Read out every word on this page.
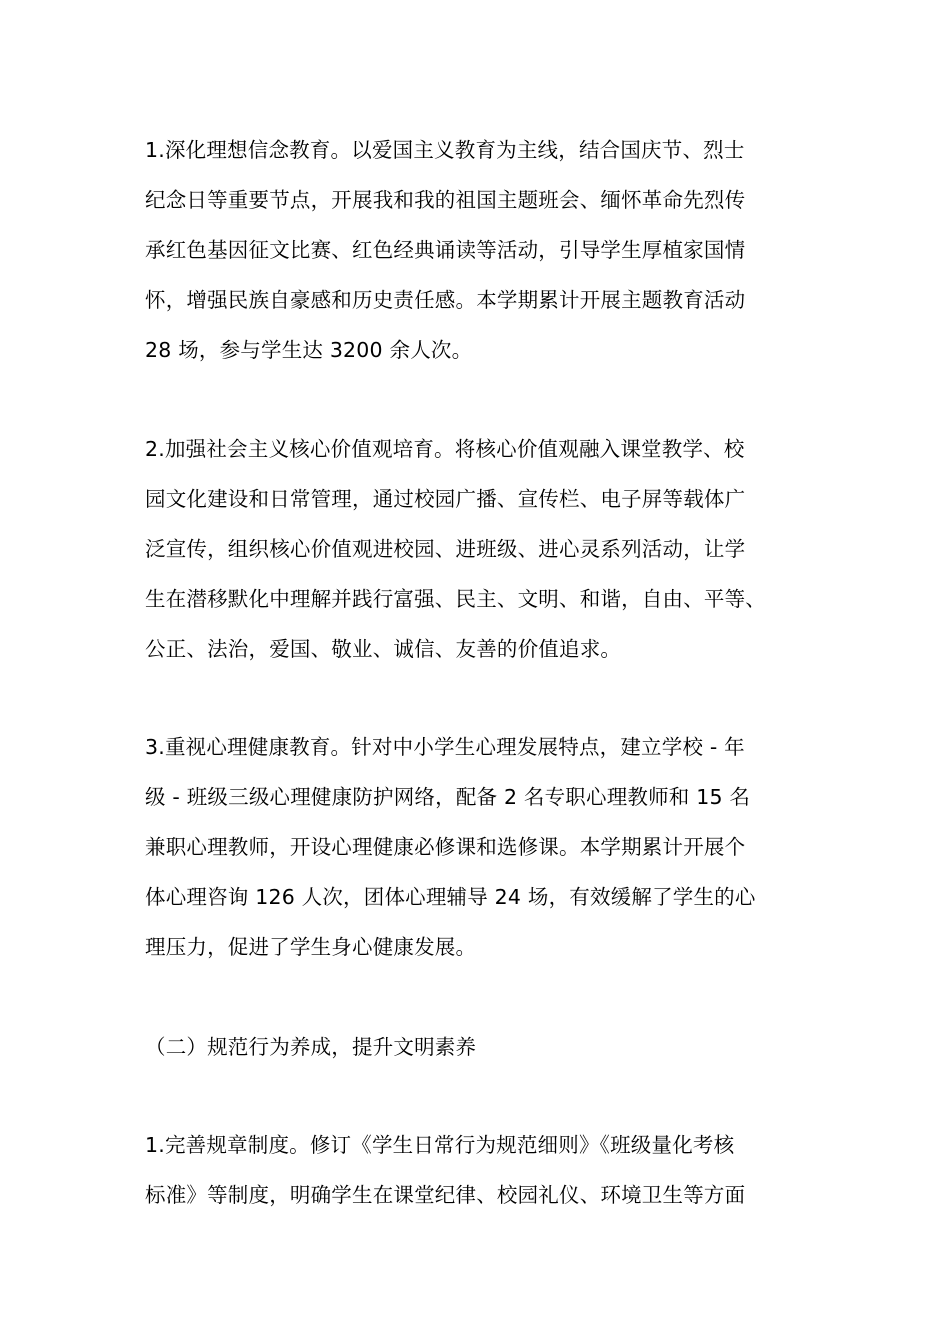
1.深化理想信念教育。以爱国主义教育为主线，结合国庆节、烈士
纪念日等重要节点，开展我和我的祖国主题班会、缅怀革命先烈传
承红色基因征文比赛、红色经典诵读等活动，引导学生厚植家国情
怀，增强民族自豪感和历史责任感。本学期累计开展主题教育活动
28 场，参与学生达 3200 余人次。

2.加强社会主义核心价值观培育。将核心价值观融入课堂教学、校
园文化建设和日常管理，通过校园广播、宣传栏、电子屏等载体广
泛宣传，组织核心价值观进校园、进班级、进心灵系列活动，让学
生在潜移默化中理解并践行富强、民主、文明、和谐，自由、平等、
公正、法治，爱国、敬业、诚信、友善的价值追求。

3.重视心理健康教育。针对中小学生心理发展特点，建立学校 - 年
级 - 班级三级心理健康防护网络，配备 2 名专职心理教师和 15 名
兼职心理教师，开设心理健康必修课和选修课。本学期累计开展个
体心理咨询 126 人次，团体心理辅导 24 场，有效缓解了学生的心
理压力，促进了学生身心健康发展。

（二）规范行为养成，提升文明素养

1.完善规章制度。修订《学生日常行为规范细则》《班级量化考核
标准》等制度，明确学生在课堂纪律、校园礼仪、环境卫生等方面
